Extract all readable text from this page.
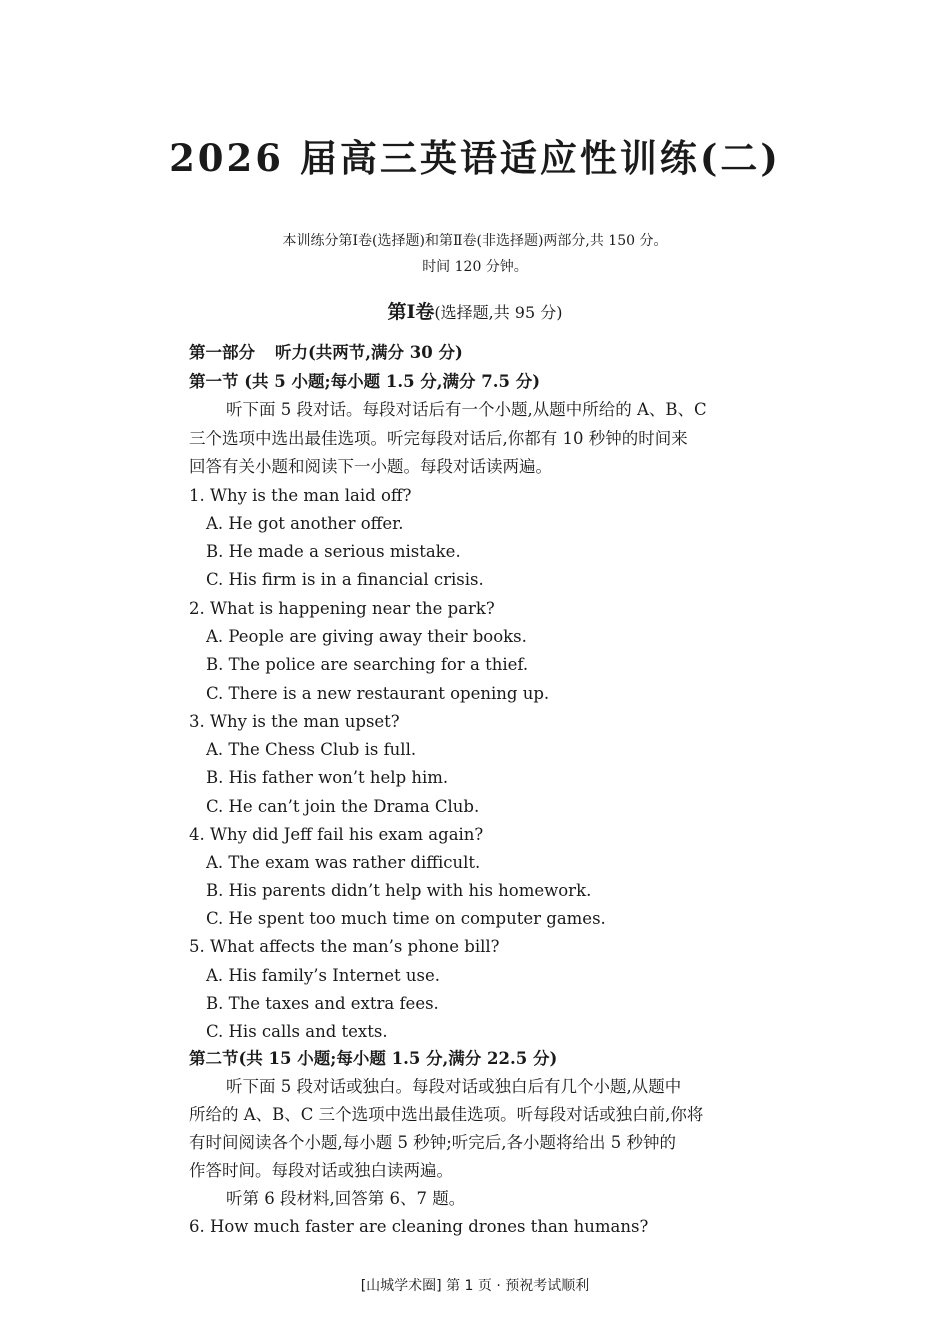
2026 届高三英语适应性训练(二)
本训练分第Ⅰ卷(选择题)和第Ⅱ卷(非选择题)两部分,共 150 分。
时间 120 分钟。
第Ⅰ卷(选择题,共 95 分)
第一部分 听力(共两节,满分 30 分)
第一节 (共 5 小题;每小题 1.5 分,满分 7.5 分)
听下面 5 段对话。每段对话后有一个小题,从题中所给的 A、B、C
三个选项中选出最佳选项。听完每段对话后,你都有 10 秒钟的时间来
回答有关小题和阅读下一小题。每段对话读两遍。
1. Why is the man laid off?
A. He got another offer.
B. He made a serious mistake.
C. His firm is in a financial crisis.
2. What is happening near the park?
A. People are giving away their books.
B. The police are searching for a thief.
C. There is a new restaurant opening up.
3. Why is the man upset?
A. The Chess Club is full.
B. His father won’t help him.
C. He can’t join the Drama Club.
4. Why did Jeff fail his exam again?
A. The exam was rather difficult.
B. His parents didn’t help with his homework.
C. He spent too much time on computer games.
5. What affects the man’s phone bill?
A. His family’s Internet use.
B. The taxes and extra fees.
C. His calls and texts.
第二节(共 15 小题;每小题 1.5 分,满分 22.5 分)
听下面 5 段对话或独白。每段对话或独白后有几个小题,从题中
所给的 A、B、C 三个选项中选出最佳选项。听每段对话或独白前,你将
有时间阅读各个小题,每小题 5 秒钟;听完后,各小题将给出 5 秒钟的
作答时间。每段对话或独白读两遍。
听第 6 段材料,回答第 6、7 题。
6. How much faster are cleaning drones than humans?
[山城学术圈] 第 1 页 · 预祝考试顺利
